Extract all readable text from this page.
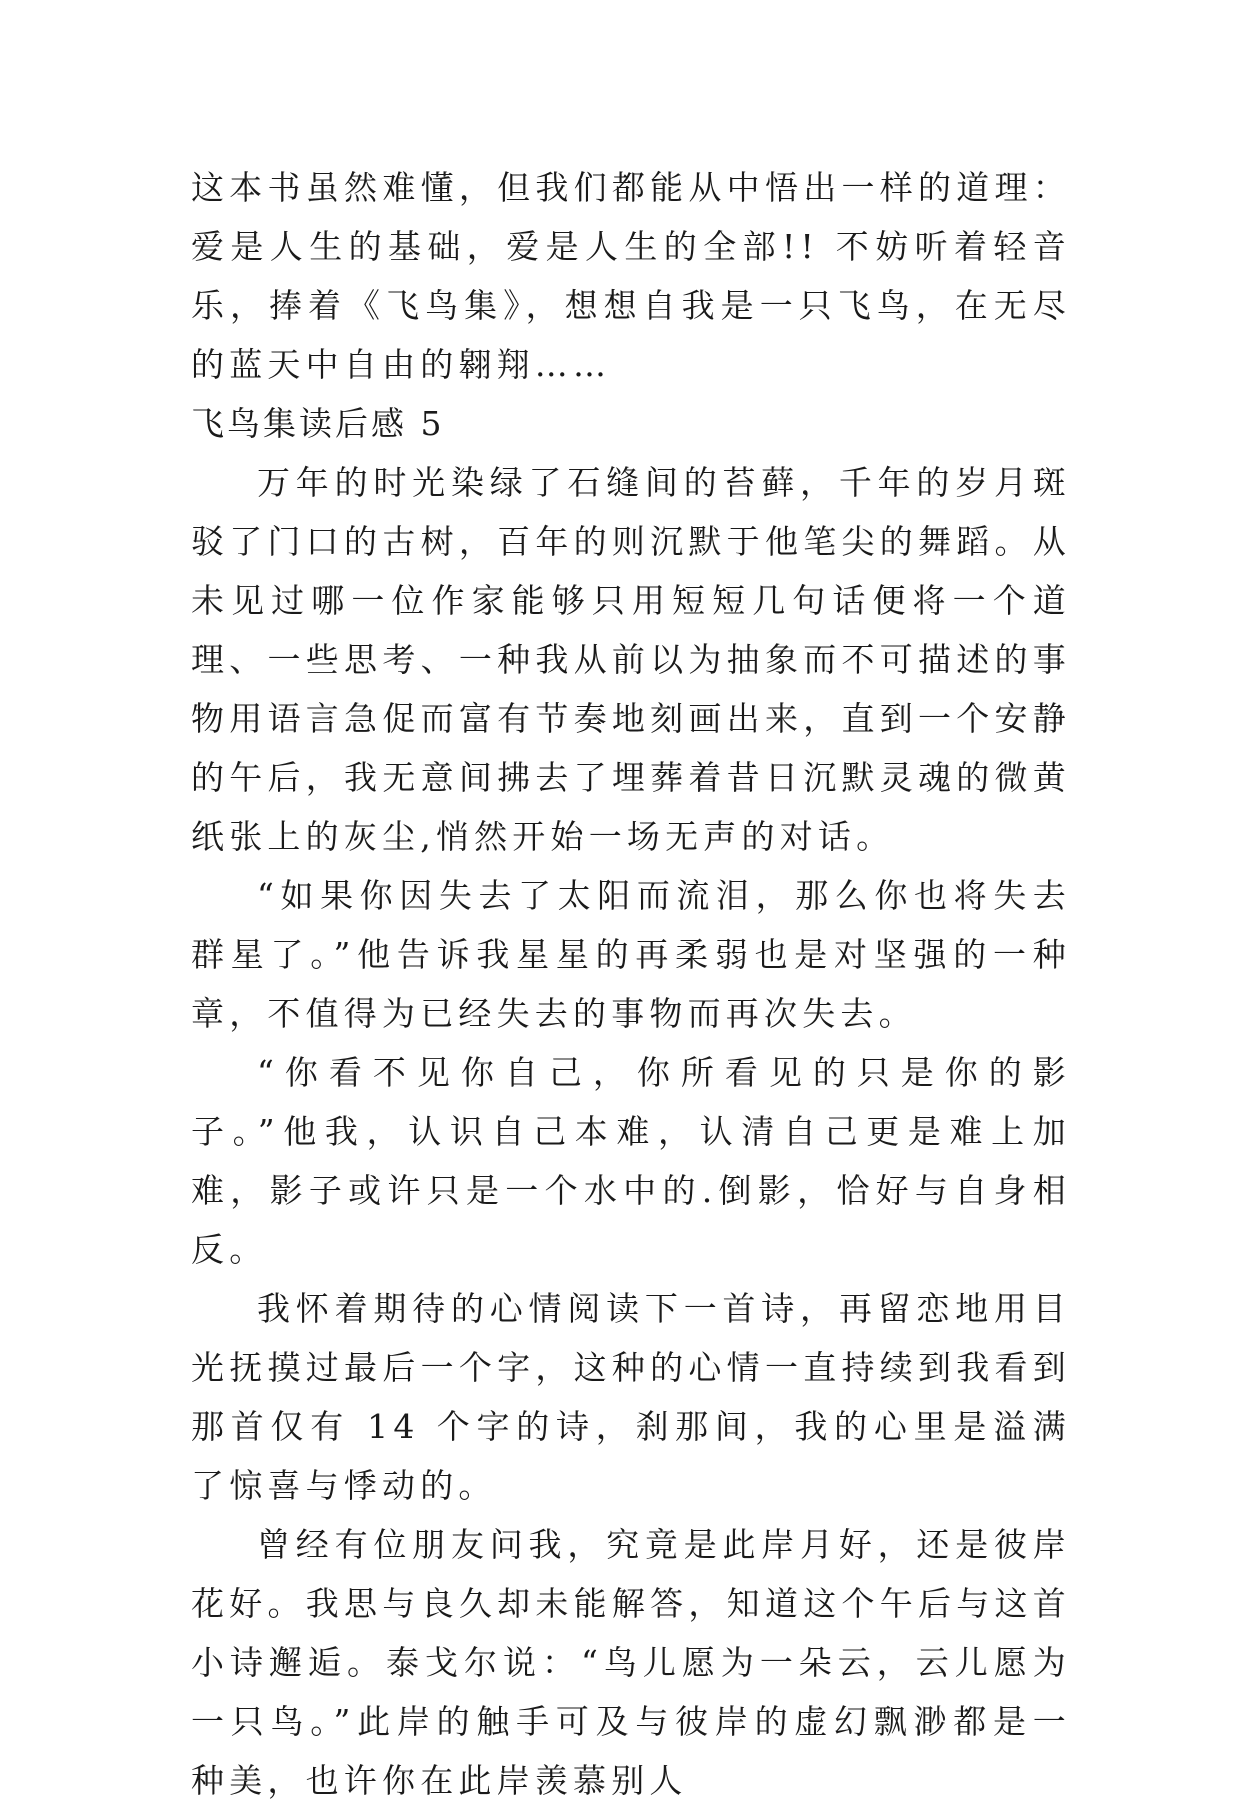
这本书虽然难懂，但我们都能从中悟出一样的道理：爱是人生的基础，爱是人生的全部!! 不妨听着轻音乐，捧着《飞鸟集》，想想自我是一只飞鸟，在无尽的蓝天中自由的翱翔……

飞鸟集读后感 5

万年的时光染绿了石缝间的苔藓，千年的岁月斑驳了门口的古树，百年的则沉默于他笔尖的舞蹈。从未见过哪一位作家能够只用短短几句话便将一个道理、一些思考、一种我从前以为抽象而不可描述的事物用语言急促而富有节奏地刻画出来，直到一个安静的午后，我无意间拂去了埋葬着昔日沉默灵魂的微黄纸张上的灰尘,悄然开始一场无声的对话。

“如果你因失去了太阳而流泪，那么你也将失去群星了。”他告诉我星星的再柔弱也是对坚强的一种章，不值得为已经失去的事物而再次失去。

“你看不见你自己，你所看见的只是你的影子。”他我，认识自己本难，认清自己更是难上加难，影子或许只是一个水中的.倒影，恰好与自身相反。

我怀着期待的心情阅读下一首诗，再留恋地用目光抚摸过最后一个字，这种的心情一直持续到我看到那首仅有 14 个字的诗，刹那间，我的心里是溢满了惊喜与悸动的。

曾经有位朋友问我，究竟是此岸月好，还是彼岸花好。我思与良久却未能解答，知道这个午后与这首小诗邂逅。泰戈尔说：“鸟儿愿为一朵云，云儿愿为一只鸟。”此岸的触手可及与彼岸的虚幻飘渺都是一种美，也许你在此岸羡慕别人
